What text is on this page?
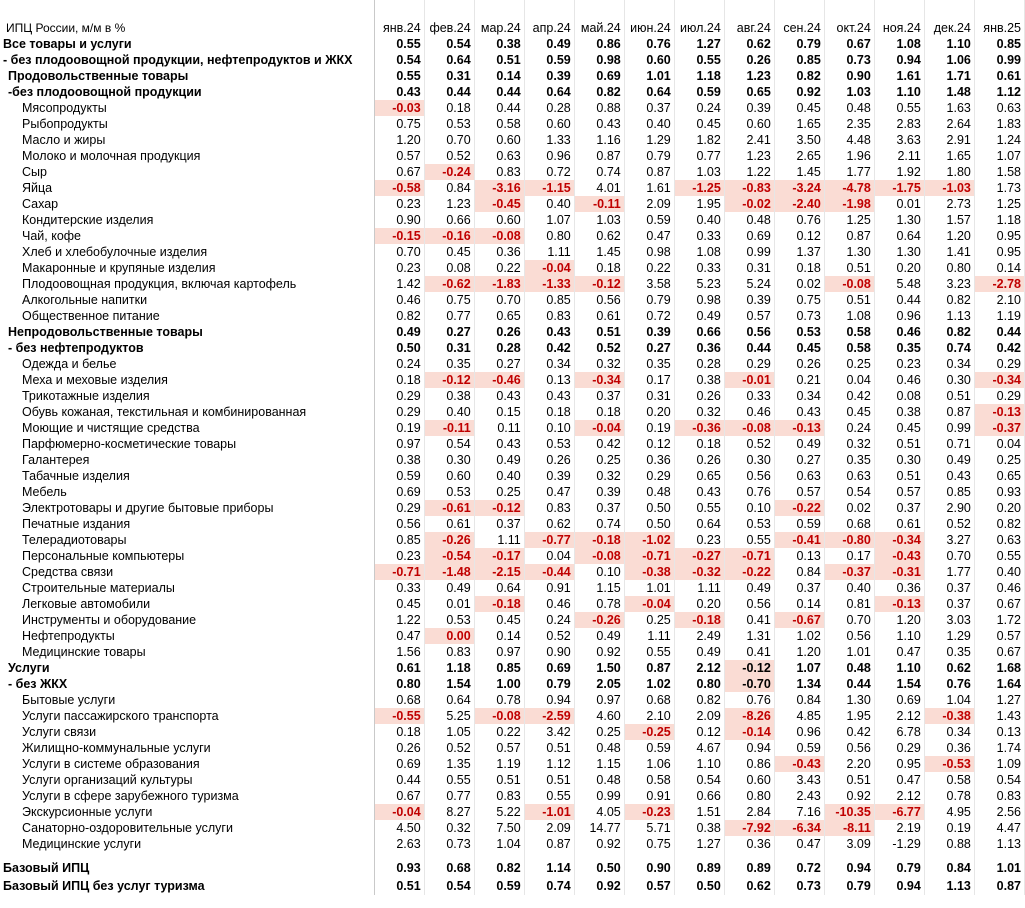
ИПЦ России, м/м в %	янв.24	фев.24	мар.24	апр.24	май.24	июн.24	июл.24	авг.24	сен.24	окт.24	ноя.24	дек.24	янв.25
Все товары и услуги	0.55	0.54	0.38	0.49	0.86	0.76	1.27	0.62	0.79	0.67	1.08	1.10	0.85
- без плодоовощной продукции, нефтепродуктов и ЖКХ	0.54	0.64	0.51	0.59	0.98	0.60	0.55	0.26	0.85	0.73	0.94	1.06	0.99
Продовольственные товары	0.55	0.31	0.14	0.39	0.69	1.01	1.18	1.23	0.82	0.90	1.61	1.71	0.61
-без плодоовощной продукции	0.43	0.44	0.44	0.64	0.82	0.64	0.59	0.65	0.92	1.03	1.10	1.48	1.12
Мясопродукты	-0.03	0.18	0.44	0.28	0.88	0.37	0.24	0.39	0.45	0.48	0.55	1.63	0.63
Рыбопродукты	0.75	0.53	0.58	0.60	0.43	0.40	0.45	0.60	1.65	2.35	2.83	2.64	1.83
Масло и жиры	1.20	0.70	0.60	1.33	1.16	1.29	1.82	2.41	3.50	4.48	3.63	2.91	1.24
Молоко и молочная продукция	0.57	0.52	0.63	0.96	0.87	0.79	0.77	1.23	2.65	1.96	2.11	1.65	1.07
Сыр	0.67	-0.24	0.83	0.72	0.74	0.87	1.03	1.22	1.45	1.77	1.92	1.80	1.58
Яйца	-0.58	0.84	-3.16	-1.15	4.01	1.61	-1.25	-0.83	-3.24	-4.78	-1.75	-1.03	1.73
Сахар	0.23	1.23	-0.45	0.40	-0.11	2.09	1.95	-0.02	-2.40	-1.98	0.01	2.73	1.25
Кондитерские изделия	0.90	0.66	0.60	1.07	1.03	0.59	0.40	0.48	0.76	1.25	1.30	1.57	1.18
Чай, кофе	-0.15	-0.16	-0.08	0.80	0.62	0.47	0.33	0.69	0.12	0.87	0.64	1.20	0.95
Хлеб и хлебобулочные изделия	0.70	0.45	0.36	1.11	1.45	0.98	1.08	0.99	1.37	1.30	1.30	1.41	0.95
Макаронные и крупяные изделия	0.23	0.08	0.22	-0.04	0.18	0.22	0.33	0.31	0.18	0.51	0.20	0.80	0.14
Плодоовощная продукция, включая картофель	1.42	-0.62	-1.83	-1.33	-0.12	3.58	5.23	5.24	0.02	-0.08	5.48	3.23	-2.78
Алкогольные напитки	0.46	0.75	0.70	0.85	0.56	0.79	0.98	0.39	0.75	0.51	0.44	0.82	2.10
Общественное питание	0.82	0.77	0.65	0.83	0.61	0.72	0.49	0.57	0.73	1.08	0.96	1.13	1.19
Непродовольственные товары	0.49	0.27	0.26	0.43	0.51	0.39	0.66	0.56	0.53	0.58	0.46	0.82	0.44
- без нефтепродуктов	0.50	0.31	0.28	0.42	0.52	0.27	0.36	0.44	0.45	0.58	0.35	0.74	0.42
Одежда и белье	0.24	0.35	0.27	0.34	0.32	0.35	0.28	0.29	0.26	0.25	0.23	0.34	0.29
Меха и меховые изделия	0.18	-0.12	-0.46	0.13	-0.34	0.17	0.38	-0.01	0.21	0.04	0.46	0.30	-0.34
Трикотажные изделия	0.29	0.38	0.43	0.43	0.37	0.31	0.26	0.33	0.34	0.42	0.08	0.51	0.29
Обувь кожаная, текстильная и комбинированная	0.29	0.40	0.15	0.18	0.18	0.20	0.32	0.46	0.43	0.45	0.38	0.87	-0.13
Моющие и чистящие средства	0.19	-0.11	0.11	0.10	-0.04	0.19	-0.36	-0.08	-0.13	0.24	0.45	0.99	-0.37
Парфюмерно-косметические товары	0.97	0.54	0.43	0.53	0.42	0.12	0.18	0.52	0.49	0.32	0.51	0.71	0.04
Галантерея	0.38	0.30	0.49	0.26	0.25	0.36	0.26	0.30	0.27	0.35	0.30	0.49	0.25
Табачные изделия	0.59	0.60	0.40	0.39	0.32	0.29	0.65	0.56	0.63	0.63	0.51	0.43	0.65
Мебель	0.69	0.53	0.25	0.47	0.39	0.48	0.43	0.76	0.57	0.54	0.57	0.85	0.93
Электротовары и другие бытовые приборы	0.29	-0.61	-0.12	0.83	0.37	0.50	0.55	0.10	-0.22	0.02	0.37	2.90	0.20
Печатные издания	0.56	0.61	0.37	0.62	0.74	0.50	0.64	0.53	0.59	0.68	0.61	0.52	0.82
Телерадиотовары	0.85	-0.26	1.11	-0.77	-0.18	-1.02	0.23	0.55	-0.41	-0.80	-0.34	3.27	0.63
Персональные компьютеры	0.23	-0.54	-0.17	0.04	-0.08	-0.71	-0.27	-0.71	0.13	0.17	-0.43	0.70	0.55
Средства связи	-0.71	-1.48	-2.15	-0.44	0.10	-0.38	-0.32	-0.22	0.84	-0.37	-0.31	1.77	0.40
Строительные материалы	0.33	0.49	0.64	0.91	1.15	1.01	1.11	0.49	0.37	0.40	0.36	0.37	0.46
Легковые автомобили	0.45	0.01	-0.18	0.46	0.78	-0.04	0.20	0.56	0.14	0.81	-0.13	0.37	0.67
Инструменты и оборудование	1.22	0.53	0.45	0.24	-0.26	0.25	-0.18	0.41	-0.67	0.70	1.20	3.03	1.72
Нефтепродукты	0.47	0.00	0.14	0.52	0.49	1.11	2.49	1.31	1.02	0.56	1.10	1.29	0.57
Медицинские товары	1.56	0.83	0.97	0.90	0.92	0.55	0.49	0.41	1.20	1.01	0.47	0.35	0.67
Услуги	0.61	1.18	0.85	0.69	1.50	0.87	2.12	-0.12	1.07	0.48	1.10	0.62	1.68
- без ЖКХ	0.80	1.54	1.00	0.79	2.05	1.02	0.80	-0.70	1.34	0.44	1.54	0.76	1.64
Бытовые услуги	0.68	0.64	0.78	0.94	0.97	0.68	0.82	0.76	0.84	1.30	0.69	1.04	1.27
Услуги пассажирского транспорта	-0.55	5.25	-0.08	-2.59	4.60	2.10	2.09	-8.26	4.85	1.95	2.12	-0.38	1.43
Услуги связи	0.18	1.05	0.22	3.42	0.25	-0.25	0.12	-0.14	0.96	0.42	6.78	0.34	0.13
Жилищно-коммунальные услуги	0.26	0.52	0.57	0.51	0.48	0.59	4.67	0.94	0.59	0.56	0.29	0.36	1.74
Услуги в системе образования	0.69	1.35	1.19	1.12	1.15	1.06	1.10	0.86	-0.43	2.20	0.95	-0.53	1.09
Услуги организаций культуры	0.44	0.55	0.51	0.51	0.48	0.58	0.54	0.60	3.43	0.51	0.47	0.58	0.54
Услуги в сфере зарубежного туризма	0.67	0.77	0.83	0.55	0.99	0.91	0.66	0.80	2.43	0.92	2.12	0.78	0.83
Экскурсионные услуги	-0.04	8.27	5.22	-1.01	4.05	-0.23	1.51	2.84	7.16	-10.35	-6.77	4.95	2.56
Санаторно-оздоровительные услуги	4.50	0.32	7.50	2.09	14.77	5.71	0.38	-7.92	-6.34	-8.11	2.19	0.19	4.47
Медицинские услуги	2.63	0.73	1.04	0.87	0.92	0.75	1.27	0.36	0.47	3.09	-1.29	0.88	1.13

Базовый ИПЦ	0.93	0.68	0.82	1.14	0.50	0.90	0.89	0.89	0.72	0.94	0.79	0.84	1.01
Базовый ИПЦ без услуг туризма	0.51	0.54	0.59	0.74	0.92	0.57	0.50	0.62	0.73	0.79	0.94	1.13	0.87
